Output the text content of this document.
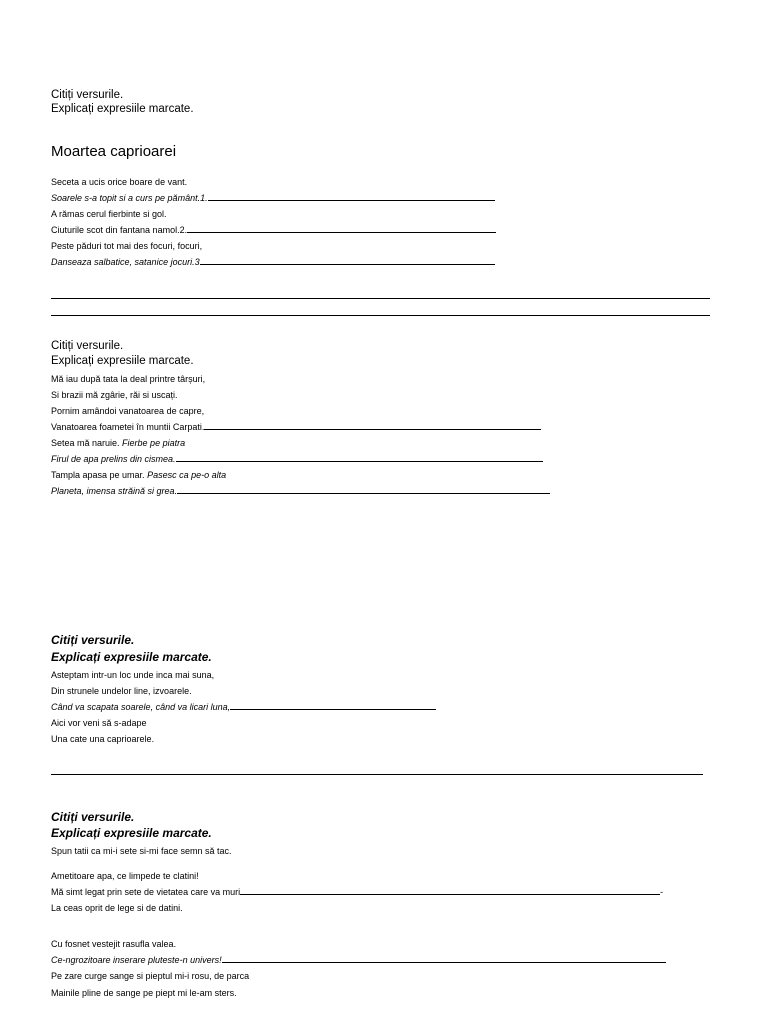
Citiți versurile.
Explicați expresiile marcate.
Moartea caprioarei
Seceta a ucis orice boare de vant.
Soarele s-a topit si a curs pe pământ.1.
A rămas cerul fierbinte si gol.
Ciuturile scot din fantana namol.2.
Peste păduri tot mai des focuri, focuri,
Danseaza salbatice, satanice jocuri.3
Citiți versurile.
Explicați expresiile marcate.
Mă iau după tata la deal printre târșuri,
Si brazii mă zgârie, răi si uscați.
Pornim amândoi vanatoarea de capre,
Vanatoarea foametei în muntii Carpati.
Setea mă naruie. Fierbe pe piatra
Firul de apa prelins din cismea.
Tampla apasa pe umar. Pasesc ca pe-o alta
Planeta, imensa străină si grea.
Citiți versurile.
Explicați expresiile marcate.
Asteptam intr-un loc unde inca mai suna,
Din strunele undelor line, izvoarele.
Când va scapata soarele, când va licari luna,
Aici vor veni să s-adape
Una cate una caprioarele.
Citiți versurile.
Explicați expresiile marcate.
Spun tatii ca mi-i sete si-mi face semn să tac.
Ametitoare apa, ce limpede te clatini!
Mă simt legat prin sete de vietatea care va muri	-
La ceas oprit de lege si de datini.
Cu fosnet vestejit rasufla valea.
Ce-ngrozitoare inserare pluteste-n univers!
Pe zare curge sange si pieptul mi-i rosu, de parca
Mainile pline de sange pe piept mi le-am sters.
